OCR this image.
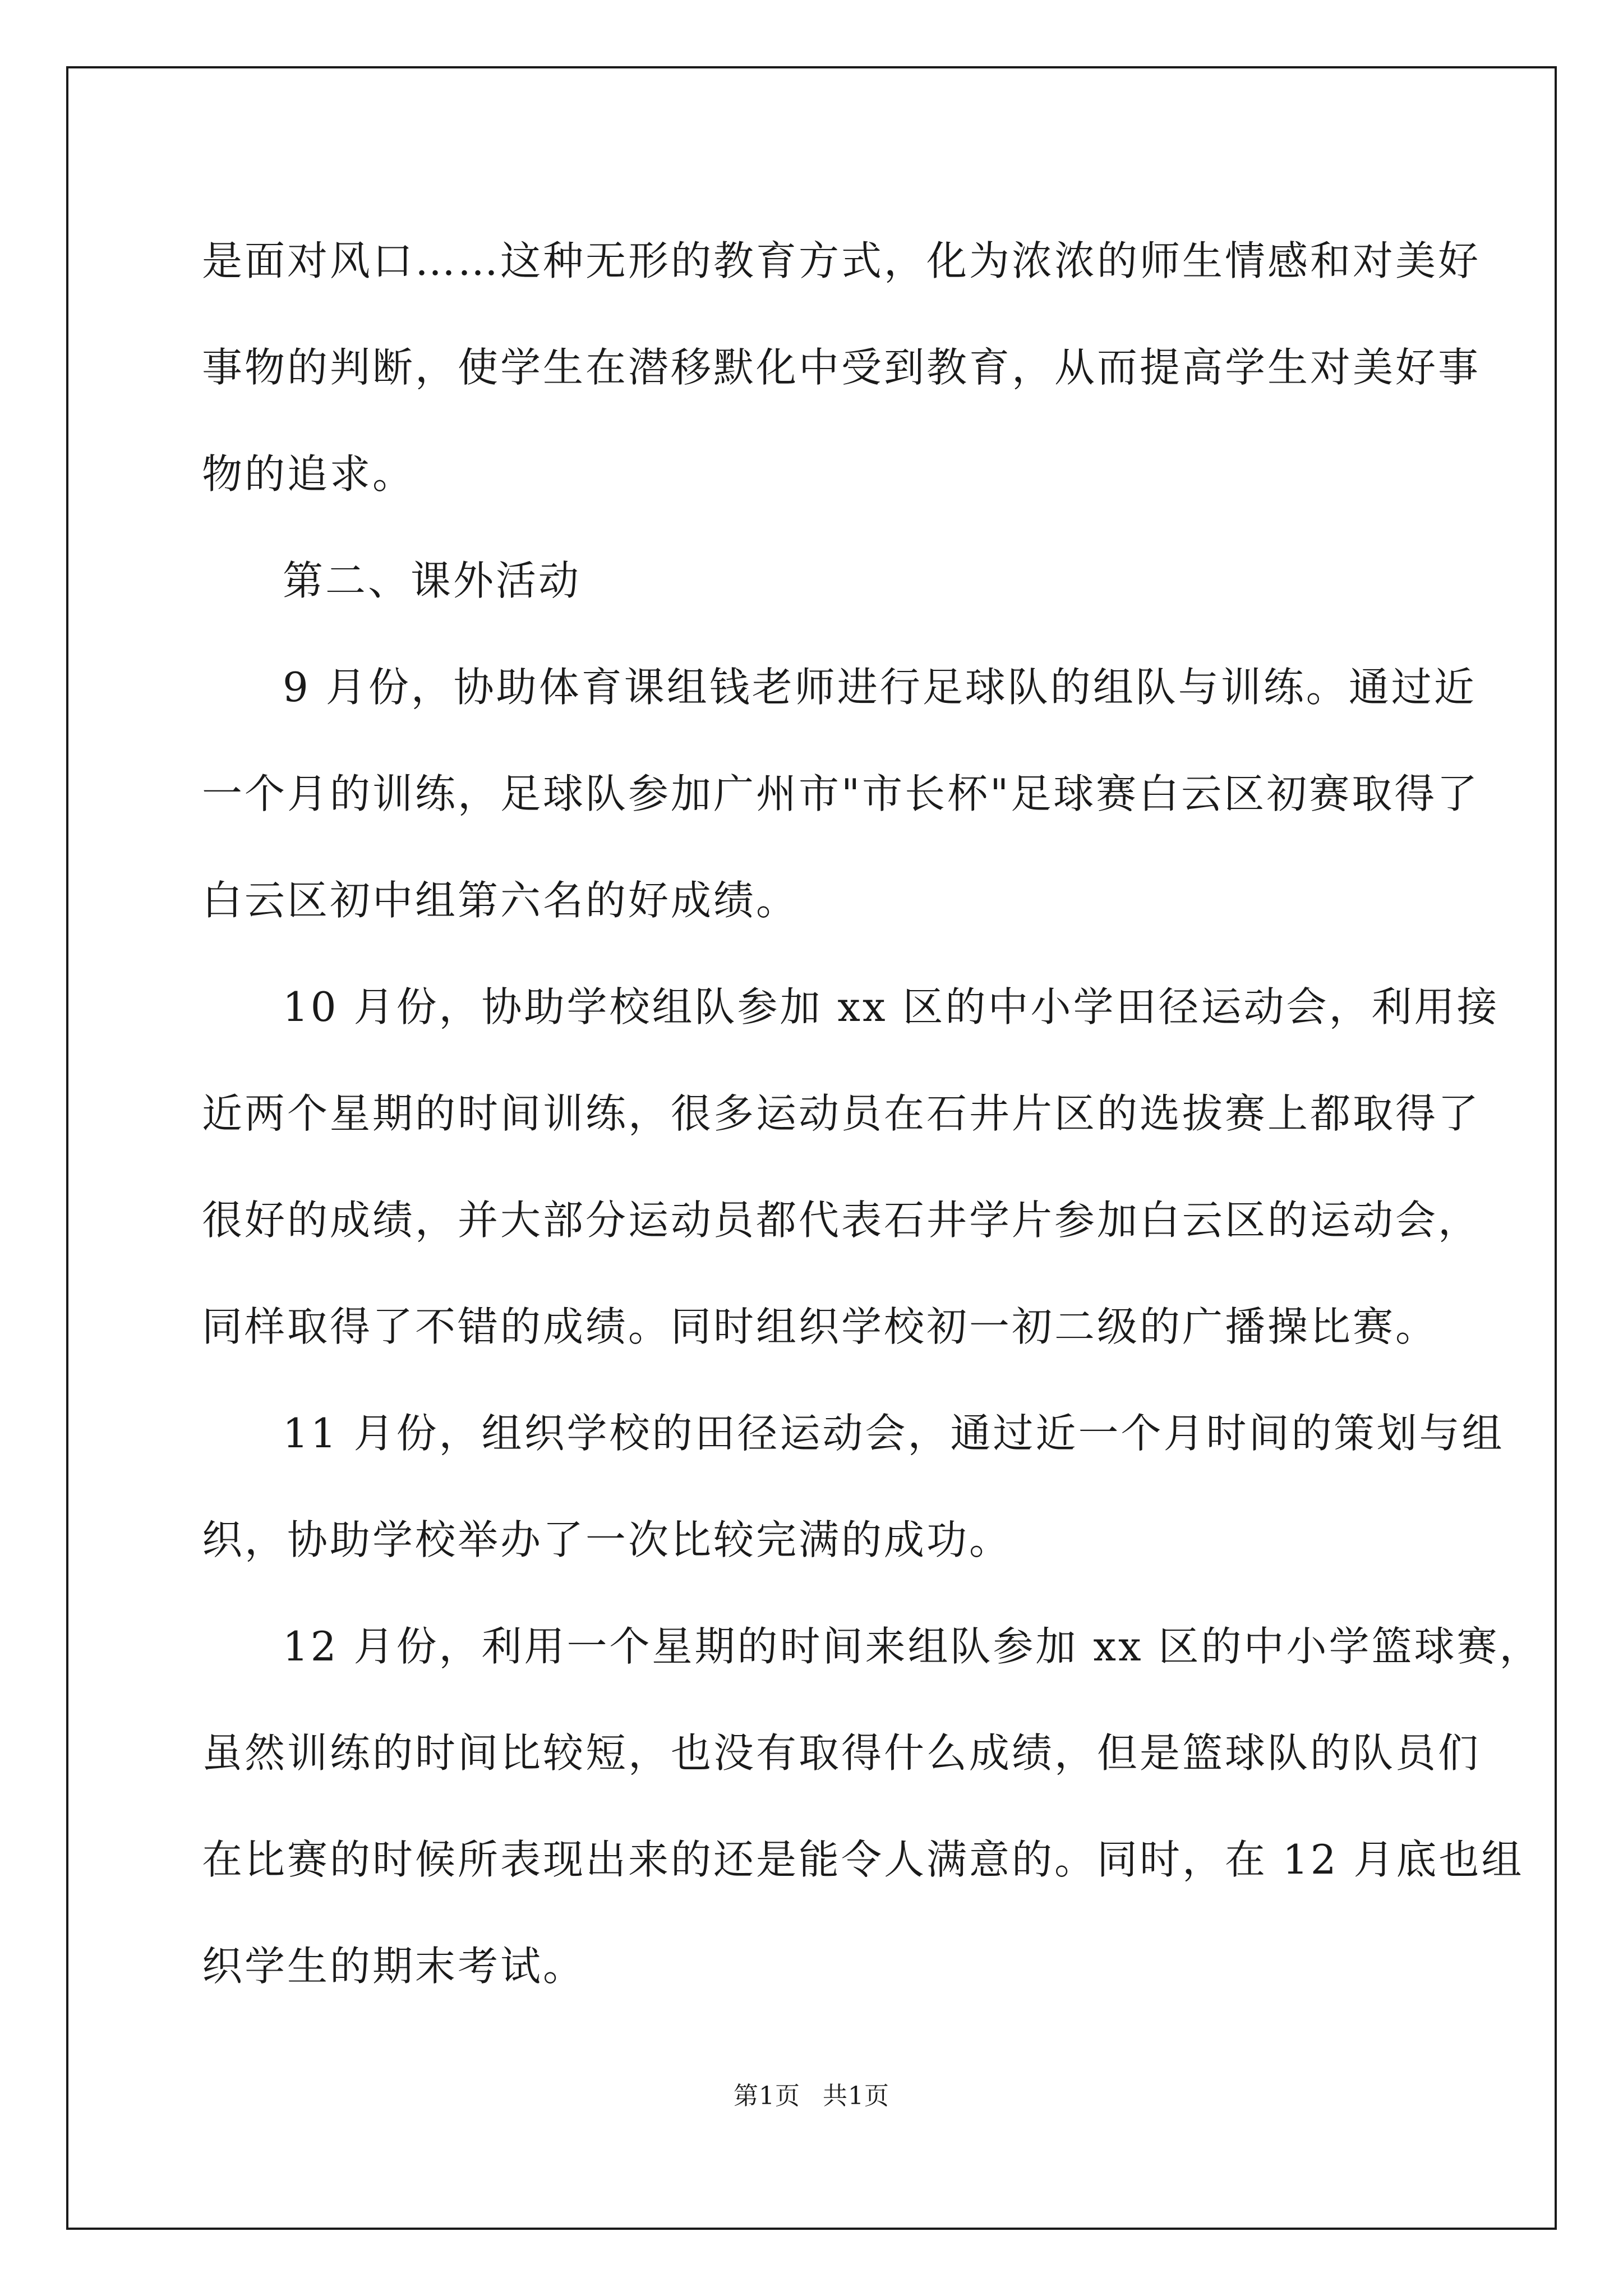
是面对风口……这种无形的教育方式，化为浓浓的师生情感和对美好

事物的判断，使学生在潜移默化中受到教育，从而提高学生对美好事

物的追求。

第二、课外活动

9 月份，协助体育课组钱老师进行足球队的组队与训练。通过近

一个月的训练，足球队参加广州市"市长杯"足球赛白云区初赛取得了

白云区初中组第六名的好成绩。

10 月份，协助学校组队参加 xx 区的中小学田径运动会，利用接

近两个星期的时间训练，很多运动员在石井片区的选拔赛上都取得了

很好的成绩，并大部分运动员都代表石井学片参加白云区的运动会，

同样取得了不错的成绩。同时组织学校初一初二级的广播操比赛。

11 月份，组织学校的田径运动会，通过近一个月时间的策划与组

织，协助学校举办了一次比较完满的成功。

12 月份，利用一个星期的时间来组队参加 xx 区的中小学篮球赛，

虽然训练的时间比较短，也没有取得什么成绩，但是篮球队的队员们

在比赛的时候所表现出来的还是能令人满意的。同时，在 12 月底也组

织学生的期末考试。

第1页 共1页
